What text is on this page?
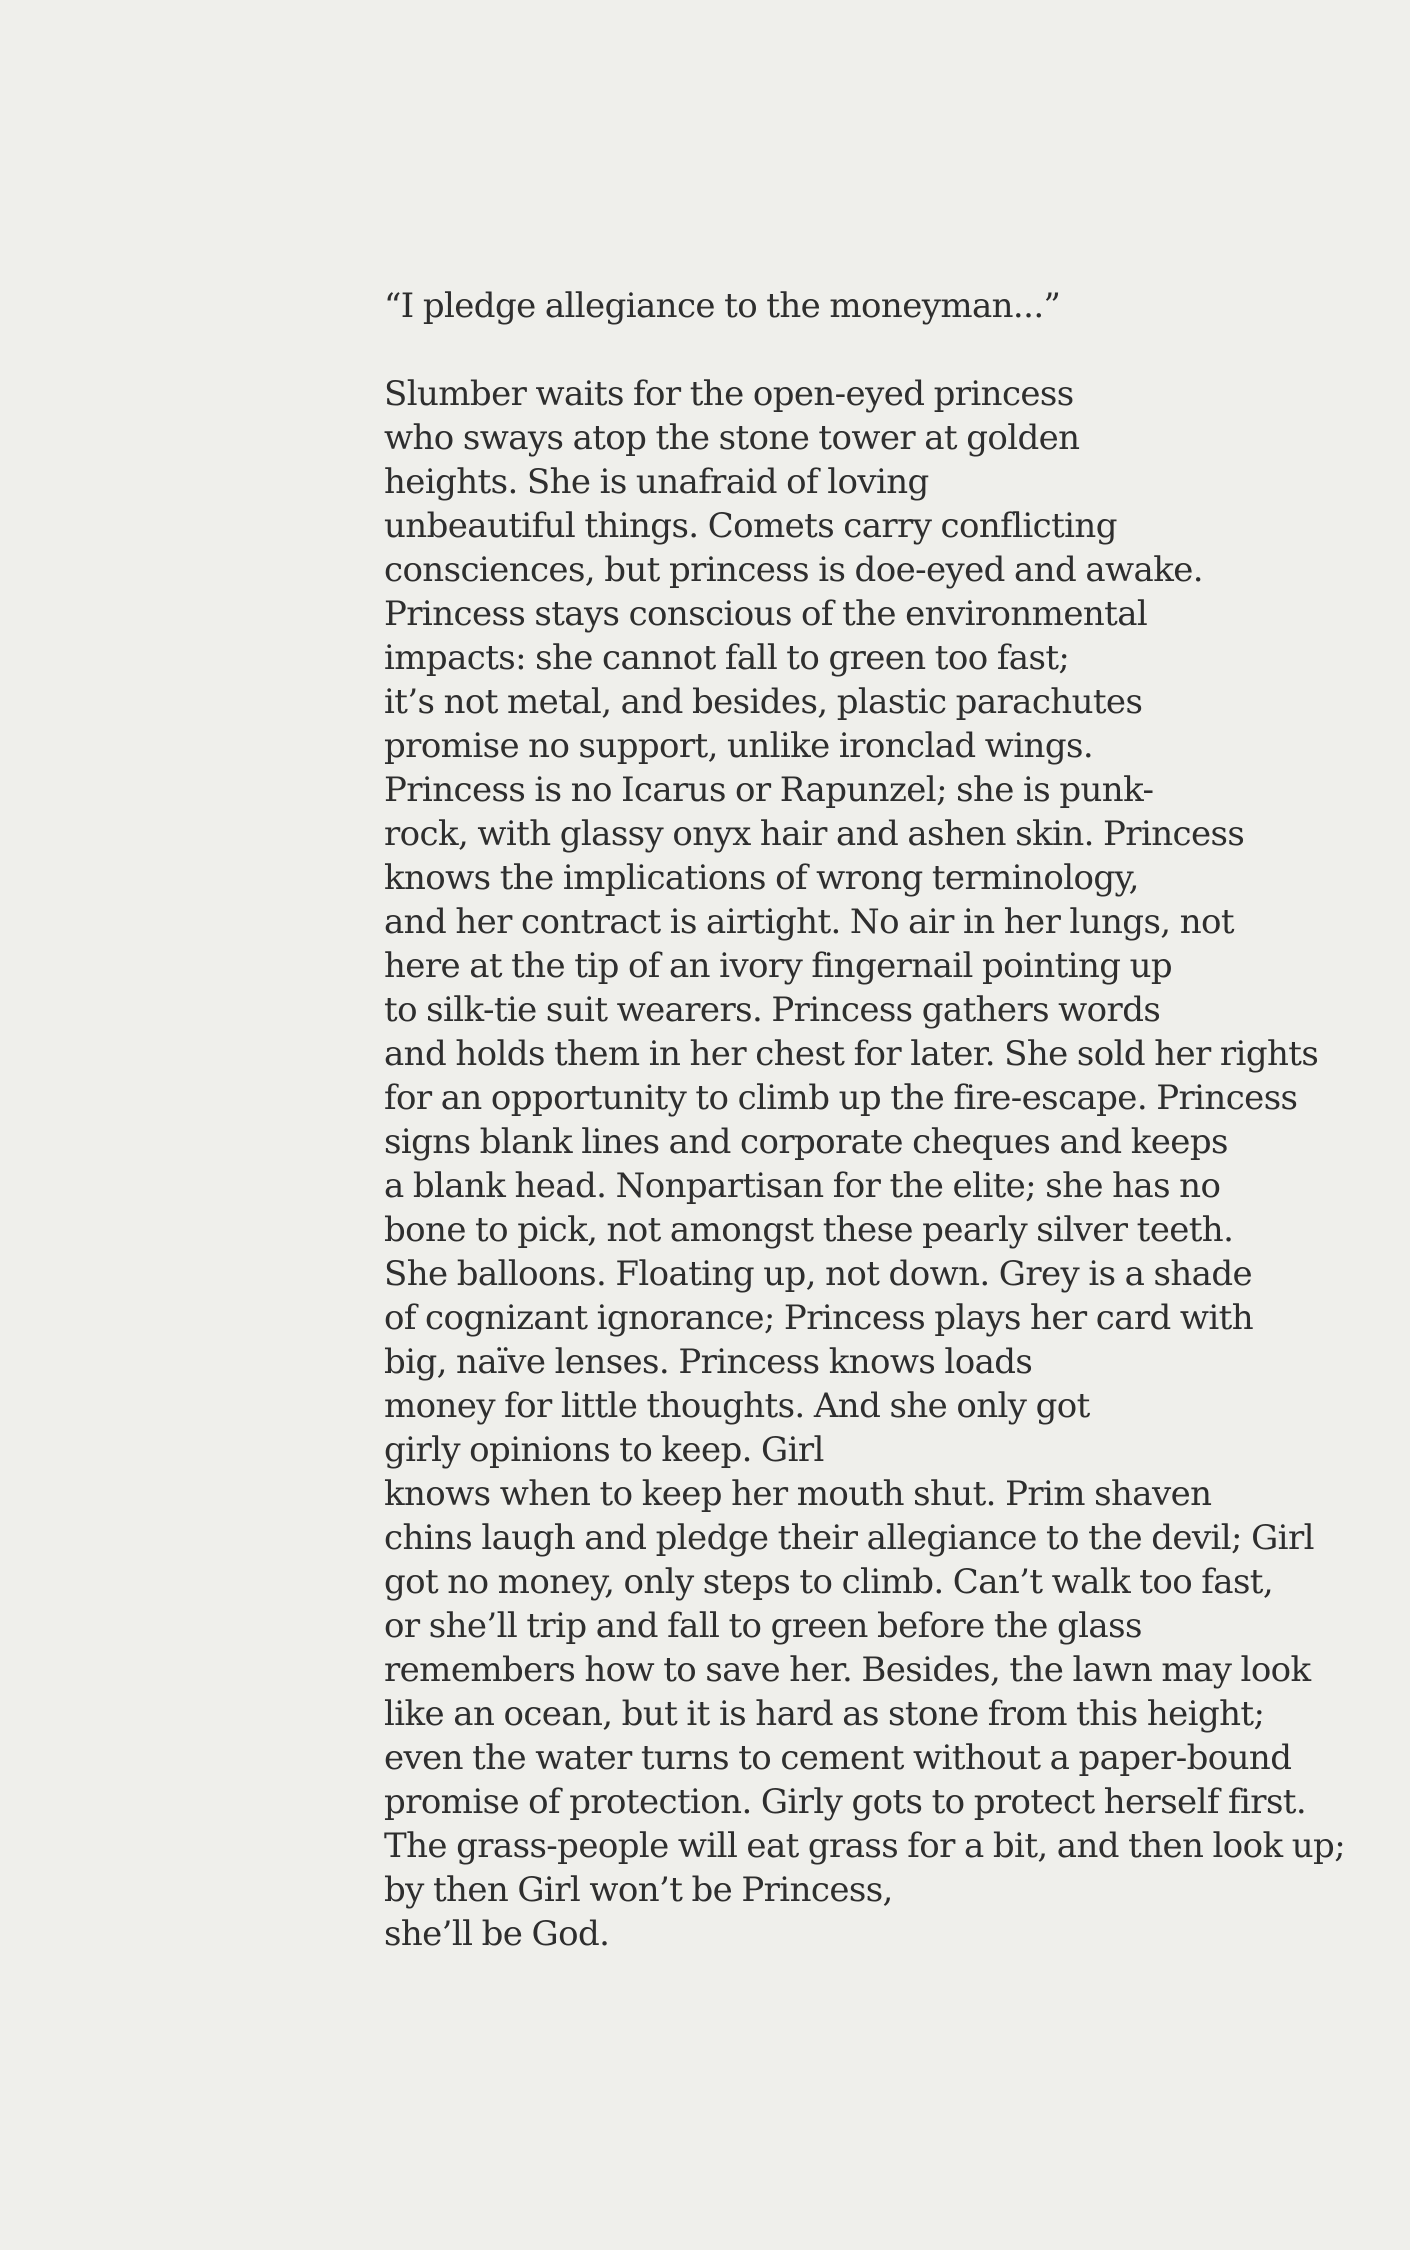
“I pledge allegiance to the moneyman...”
Slumber waits for the open-eyed princess
who sways atop the stone tower at golden
heights. She is unafraid of loving
unbeautiful things. Comets carry conflicting
consciences, but princess is doe-eyed and awake.
Princess stays conscious of the environmental
impacts: she cannot fall to green too fast;
it’s not metal, and besides, plastic parachutes
promise no support, unlike ironclad wings.
Princess is no Icarus or Rapunzel; she is punk-
rock, with glassy onyx hair and ashen skin. Princess
knows the implications of wrong terminology,
and her contract is airtight. No air in her lungs, not
here at the tip of an ivory fingernail pointing up
to silk-tie suit wearers. Princess gathers words
and holds them in her chest for later. She sold her rights
for an opportunity to climb up the fire-escape. Princess
signs blank lines and corporate cheques and keeps
a blank head. Nonpartisan for the elite; she has no
bone to pick, not amongst these pearly silver teeth.
She balloons. Floating up, not down. Grey is a shade
of cognizant ignorance; Princess plays her card with
big, naïve lenses. Princess knows loads
money for little thoughts. And she only got
girly opinions to keep. Girl
knows when to keep her mouth shut. Prim shaven
chins laugh and pledge their allegiance to the devil; Girl
got no money, only steps to climb. Can’t walk too fast,
or she’ll trip and fall to green before the glass
remembers how to save her. Besides, the lawn may look
like an ocean, but it is hard as stone from this height;
even the water turns to cement without a paper-bound
promise of protection. Girly gots to protect herself first.
The grass-people will eat grass for a bit, and then look up;
by then Girl won’t be Princess,
she’ll be God.
